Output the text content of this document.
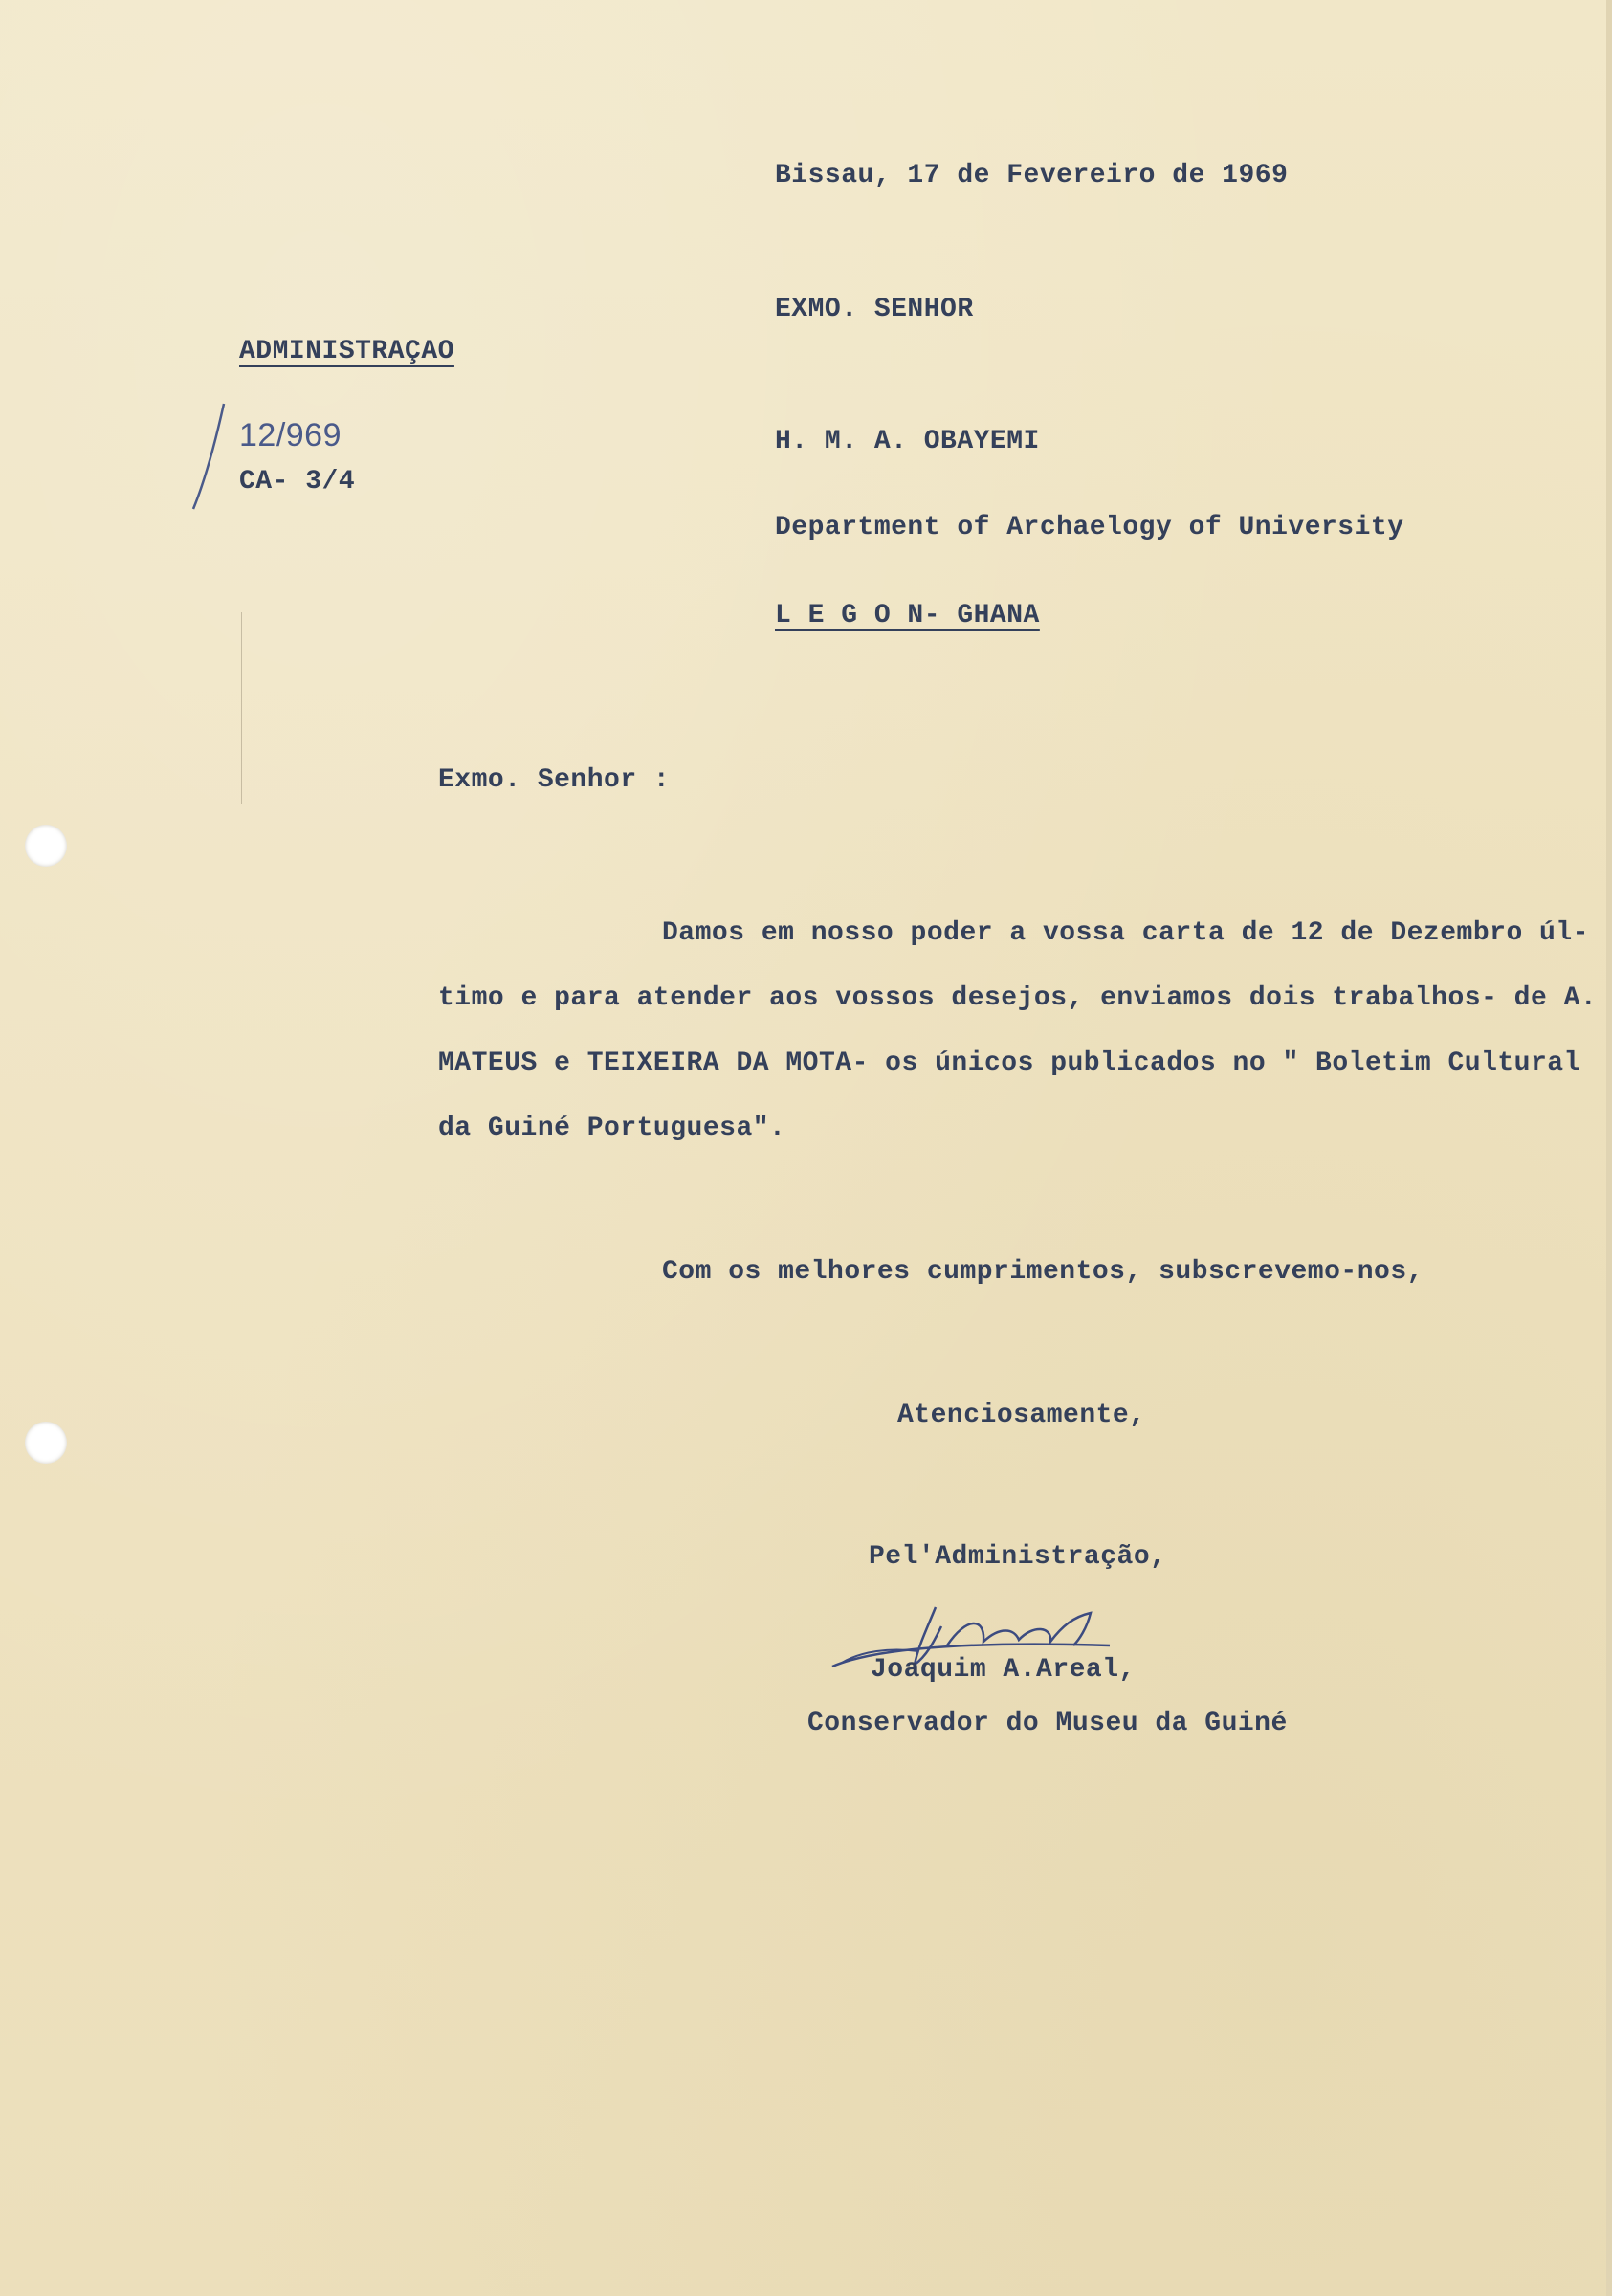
Bissau, 17 de Fevereiro de 1969
EXMO. SENHOR
ADMINISTRAÇAO
12/969
CA- 3/4
H. M. A. OBAYEMI
Department of Archaelogy of University
L E G O N- GHANA
Exmo. Senhor :
Damos em nosso poder a vossa carta de 12 de Dezembro úl-
timo e para atender aos vossos desejos, enviamos dois trabalhos- de A.
MATEUS e TEIXEIRA DA MOTA- os únicos publicados no " Boletim Cultural
da Guiné Portuguesa".
Com os melhores cumprimentos, subscrevemo-nos,
Atenciosamente,
Pel'Administração,
Joaquim A.Areal,
Conservador do Museu da Guiné
